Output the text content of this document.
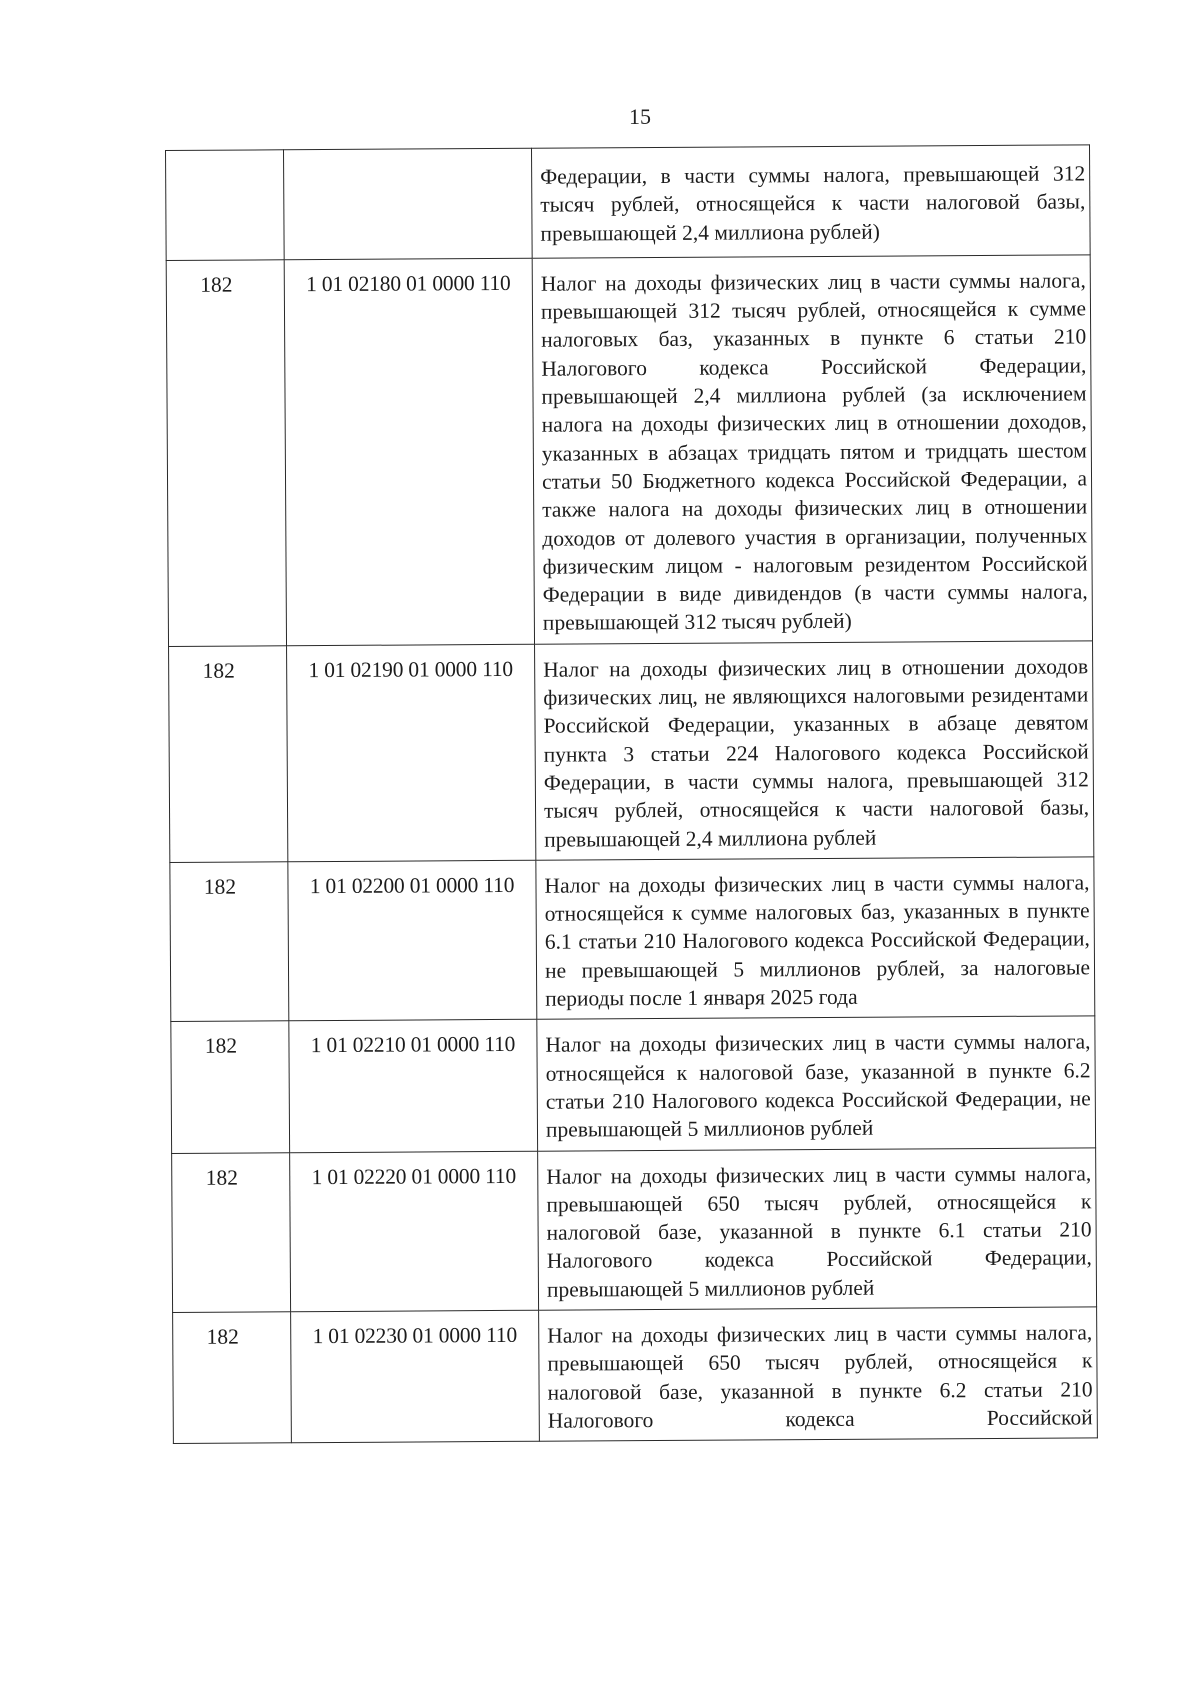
15
		Федерации, в части суммы налога, превышающей 312 тысяч рублей, относящейся к части налоговой базы, превышающей 2,4 миллиона рублей)
182	1 01 02180 01 0000 110	Налог на доходы физических лиц в части суммы налога, превышающей 312 тысяч рублей, относящейся к сумме налоговых баз, указанных в пункте 6 статьи 210 Налогового кодекса Российской Федерации, превышающей 2,4 миллиона рублей (за исключением налога на доходы физических лиц в отношении доходов, указанных в абзацах тридцать пятом и тридцать шестом статьи 50 Бюджетного кодекса Российской Федерации, а также налога на доходы физических лиц в отношении доходов от долевого участия в организации, полученных физическим лицом - налоговым резидентом Российской Федерации в виде дивидендов (в части суммы налога, превышающей 312 тысяч рублей)
182	1 01 02190 01 0000 110	Налог на доходы физических лиц в отношении доходов физических лиц, не являющихся налоговыми резидентами Российской Федерации, указанных в абзаце девятом пункта 3 статьи 224 Налогового кодекса Российской Федерации, в части суммы налога, превышающей 312 тысяч рублей, относящейся к части налоговой базы, превышающей 2,4 миллиона рублей
182	1 01 02200 01 0000 110	Налог на доходы физических лиц в части суммы налога, относящейся к сумме налоговых баз, указанных в пункте 6.1 статьи 210 Налогового кодекса Российской Федерации, не превышающей 5 миллионов рублей, за налоговые периоды после 1 января 2025 года
182	1 01 02210 01 0000 110	Налог на доходы физических лиц в части суммы налога, относящейся к налоговой базе, указанной в пункте 6.2 статьи 210 Налогового кодекса Российской Федерации, не превышающей 5 миллионов рублей
182	1 01 02220 01 0000 110	Налог на доходы физических лиц в части суммы налога, превышающей 650 тысяч рублей, относящейся к налоговой базе, указанной в пункте 6.1 статьи 210 Налогового кодекса Российской Федерации, превышающей 5 миллионов рублей
182	1 01 02230 01 0000 110	Налог на доходы физических лиц в части суммы налога, превышающей 650 тысяч рублей, относящейся к налоговой базе, указанной в пункте 6.2 статьи 210 Налогового кодекса Российской
